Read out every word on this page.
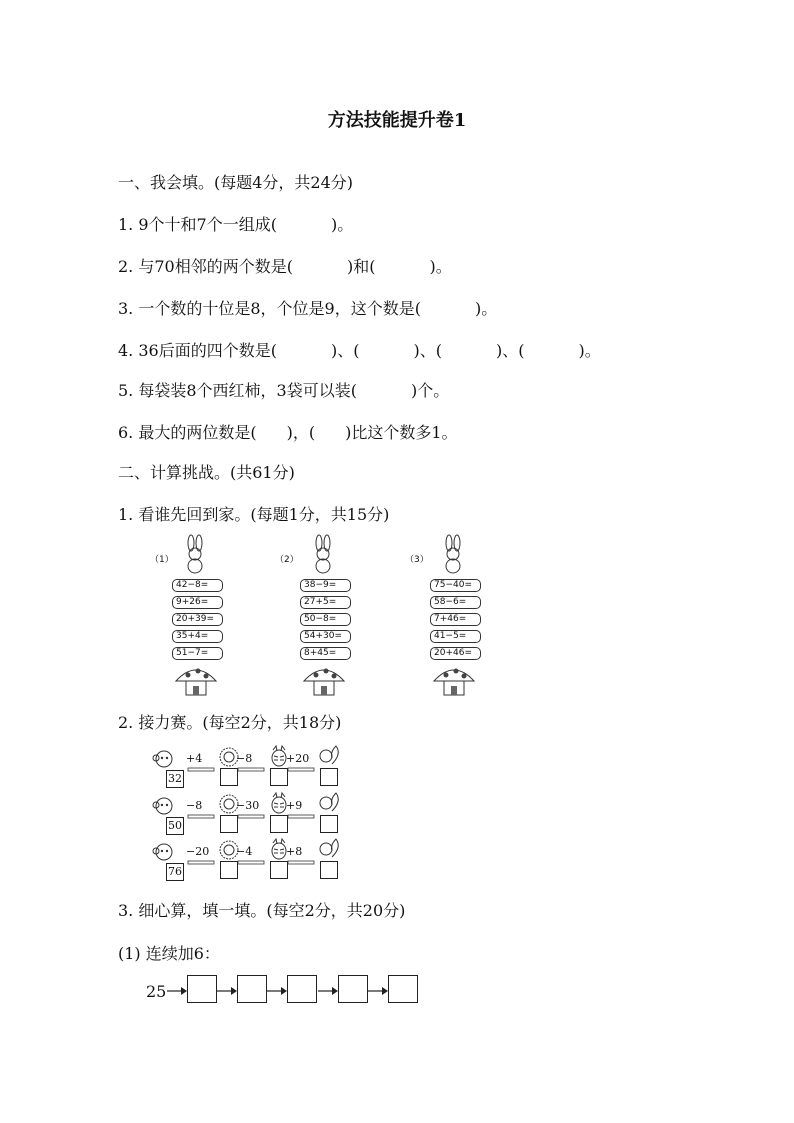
方法技能提升卷1
一、我会填。(每题4分，共24分)
1. 9个十和7个一组成(	)。
2. 与70相邻的两个数是(	)和(	)。
3. 一个数的十位是8，个位是9，这个数是(	)。
4. 36后面的四个数是(	)、(	)、(	)、(	)。
5. 每袋装8个西红柿，3袋可以装(	)个。
6. 最大的两位数是( )，( )比这个数多1。
二、计算挑战。(共61分)
1. 看谁先回到家。(每题1分，共15分)
（1）
42−8=
9+26=
20+39=
35+4=
51−7=
（2）
38−9=
27+5=
50−8=
54+30=
8+45=
（3）
75−40=
58−6=
7+46=
41−5=
20+46=
2. 接力赛。(每空2分，共18分)
32
+4	−8	+20
50
−8	−30 +9
76
−20 −4	+8
3. 细心算，填一填。(每空2分，共20分)
(1) 连续加6：
25
